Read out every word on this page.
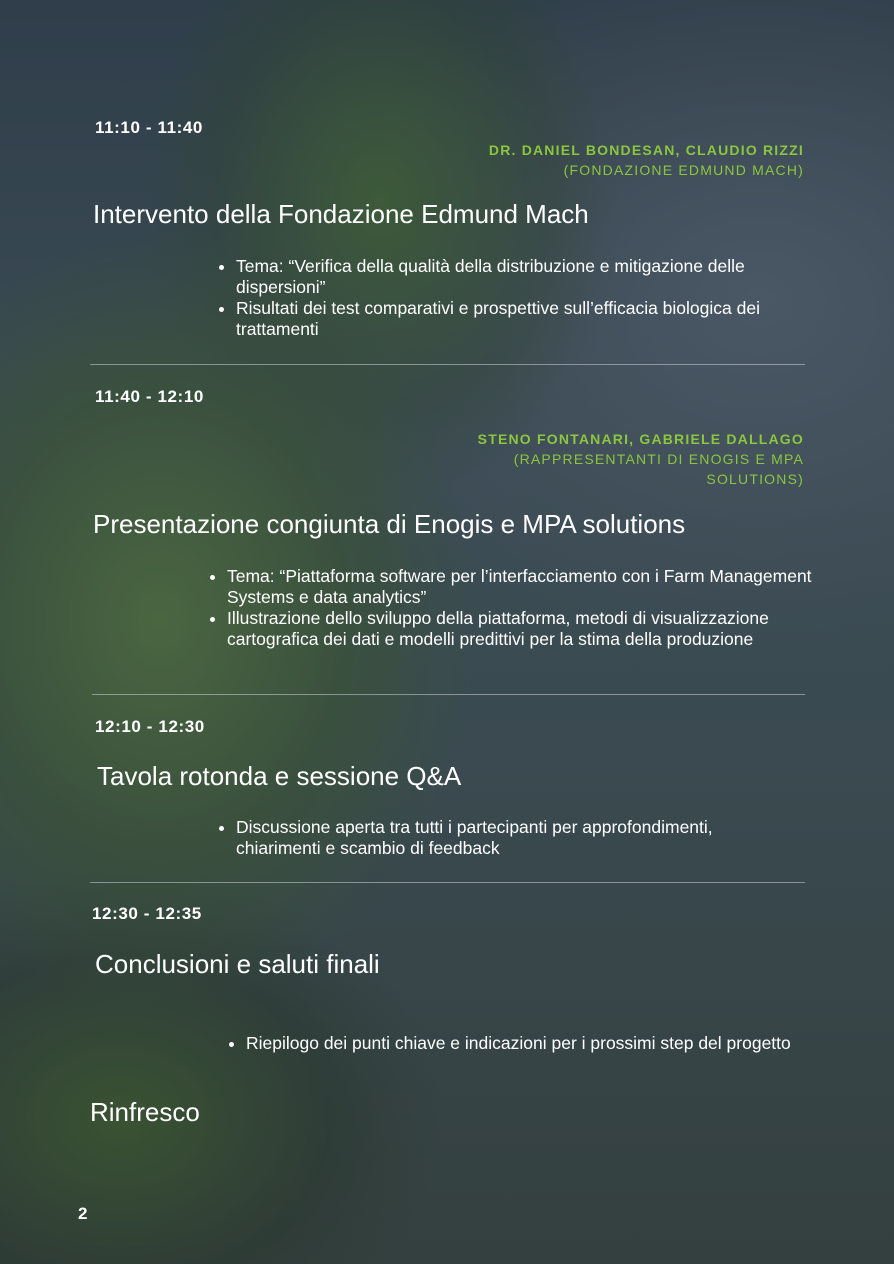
11:10 - 11:40
DR. DANIEL BONDESAN, CLAUDIO RIZZI
(FONDAZIONE EDMUND MACH)
Intervento della Fondazione Edmund Mach
• Tema: “Verifica della qualità della distribuzione e mitigazione delle dispersioni”
• Risultati dei test comparativi e prospettive sull’efficacia biologica dei trattamenti
11:40 - 12:10
STENO FONTANARI, GABRIELE DALLAGO
(RAPPRESENTANTI DI ENOGIS E MPA
SOLUTIONS)
Presentazione congiunta di Enogis e MPA solutions
• Tema: “Piattaforma software per l’interfacciamento con i Farm Management Systems e data analytics”
• Illustrazione dello sviluppo della piattaforma, metodi di visualizzazione cartografica dei dati e modelli predittivi per la stima della produzione
12:10 - 12:30
Tavola rotonda e sessione Q&A
• Discussione aperta tra tutti i partecipanti per approfondimenti, chiarimenti e scambio di feedback
12:30 - 12:35
Conclusioni e saluti finali
• Riepilogo dei punti chiave e indicazioni per i prossimi step del progetto
Rinfresco
2
